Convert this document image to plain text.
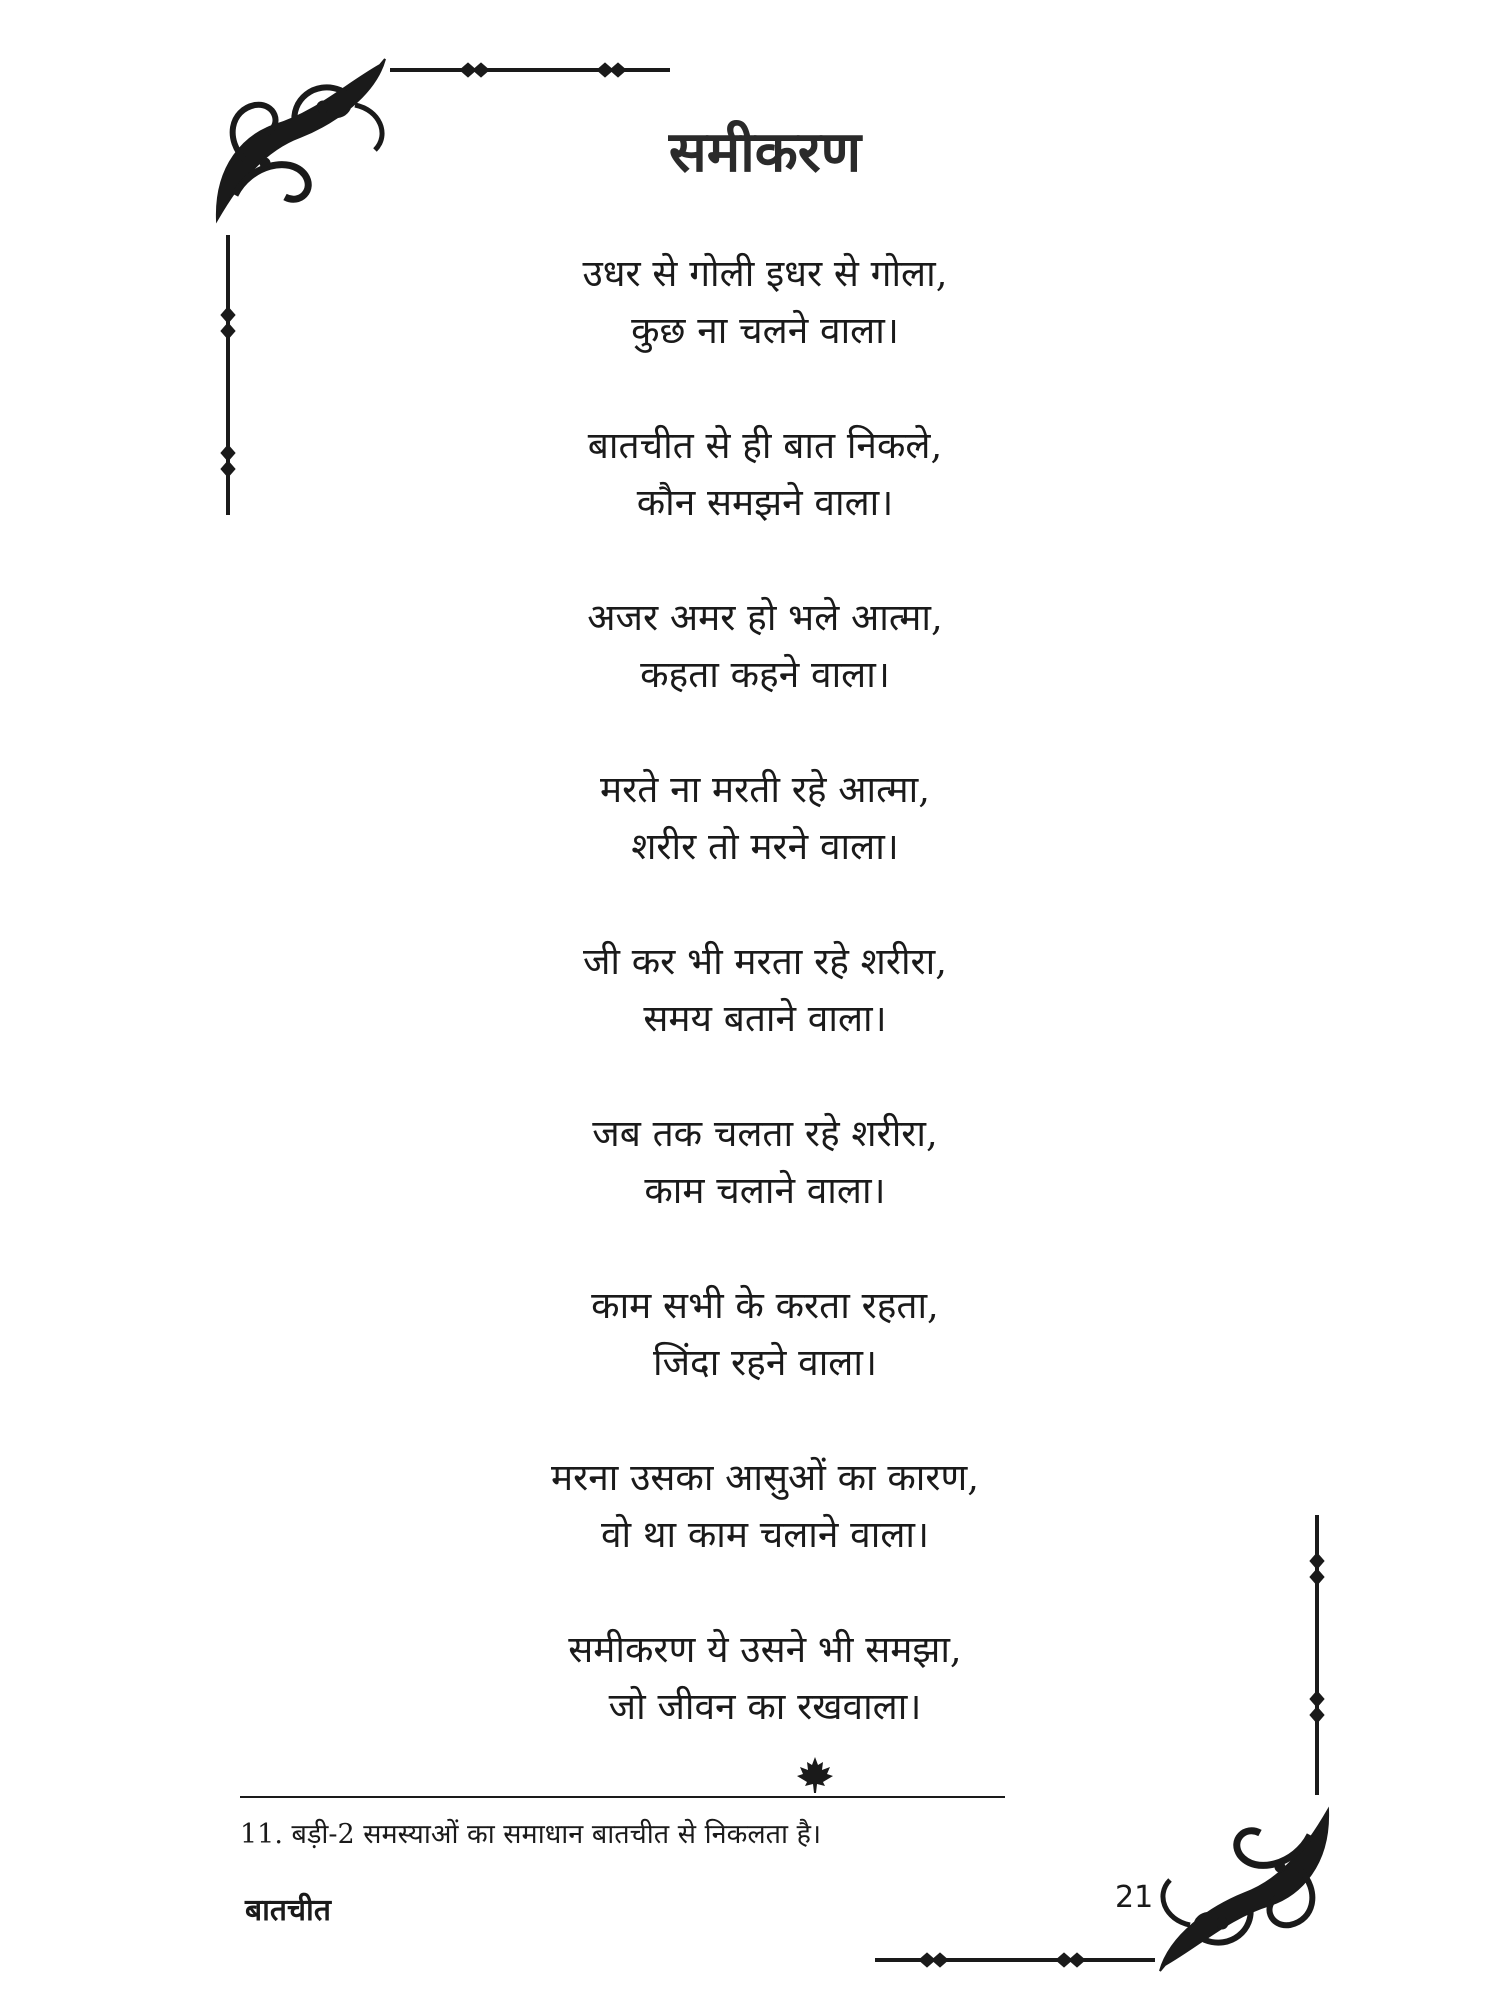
समीकरण
उधर से गोली इधर से गोला,
कुछ ना चलने वाला।
बातचीत से ही बात निकले,
कौन समझने वाला।
अजर अमर हो भले आत्मा,
कहता कहने वाला।
मरते ना मरती रहे आत्मा,
शरीर तो मरने वाला।
जी कर भी मरता रहे शरीरा,
समय बताने वाला।
जब तक चलता रहे शरीरा,
काम चलाने वाला।
काम सभी के करता रहता,
जिंदा रहने वाला।
मरना उसका आसुओं का कारण,
वो था काम चलाने वाला।
समीकरण ये उसने भी समझा,
जो जीवन का रखवाला।
11. बड़ी-2 समस्याओं का समाधान बातचीत से निकलता है।
बातचीत	21
